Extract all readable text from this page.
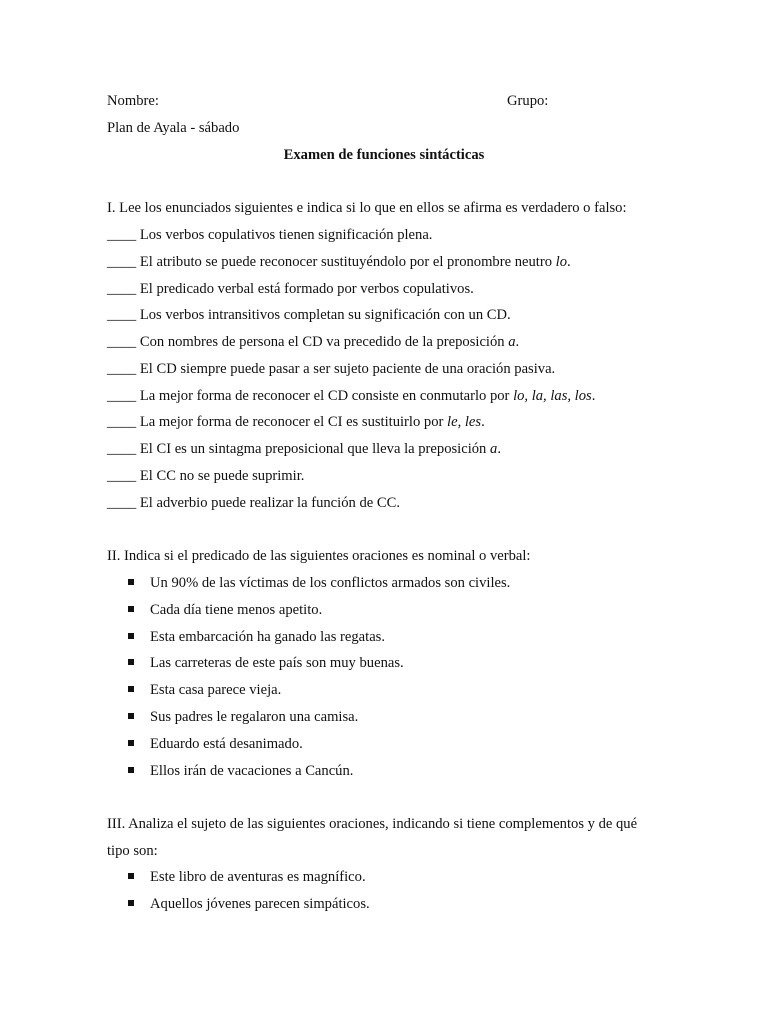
Nombre:	Grupo:
Plan de Ayala - sábado
Examen de funciones sintácticas
I. Lee los enunciados siguientes e indica si lo que en ellos se afirma es verdadero o falso:
____ Los verbos copulativos tienen significación plena.
____ El atributo se puede reconocer sustituyéndolo por el pronombre neutro lo.
____ El predicado verbal está formado por verbos copulativos.
____ Los verbos intransitivos completan su significación con un CD.
____ Con nombres de persona el CD va precedido de la preposición a.
____ El CD siempre puede pasar a ser sujeto paciente de una oración pasiva.
____ La mejor forma de reconocer el CD consiste en conmutarlo por lo, la, las, los.
____ La mejor forma de reconocer el CI es sustituirlo por le, les.
____ El CI es un sintagma preposicional que lleva la preposición a.
____ El CC no se puede suprimir.
____ El adverbio puede realizar la función de CC.
II. Indica si el predicado de las siguientes oraciones es nominal o verbal:
Un 90% de las víctimas de los conflictos armados son civiles.
Cada día tiene menos apetito.
Esta embarcación ha ganado las regatas.
Las carreteras de este país son muy buenas.
Esta casa parece vieja.
Sus padres le regalaron una camisa.
Eduardo está desanimado.
Ellos irán de vacaciones a Cancún.
III. Analiza el sujeto de las siguientes oraciones, indicando si tiene complementos y de qué
tipo son:
Este libro de aventuras es magnífico.
Aquellos jóvenes parecen simpáticos.
